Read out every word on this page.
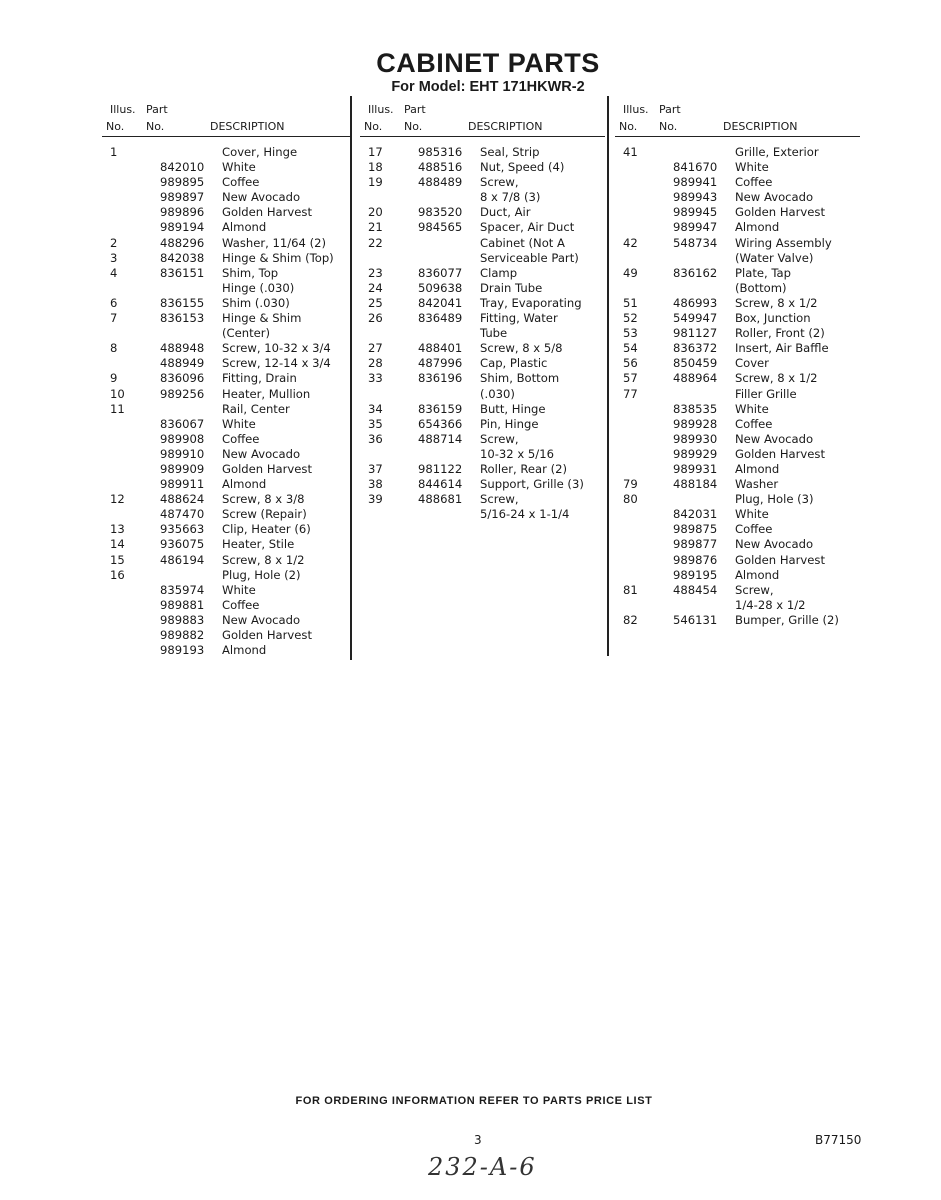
CABINET PARTS
For Model: EHT 171HKWR-2
Illus. Part
No. No.	DESCRIPTION
1	Cover, Hinge
842010 White
989895 Coffee
989897 New Avocado
989896 Golden Harvest
989194 Almond
2	488296 Washer, 11/64 (2)
3	842038 Hinge & Shim (Top)
4	836151 Shim, Top
Hinge (.030)
6	836155 Shim (.030)
7	836153 Hinge & Shim
(Center)
8	488948 Screw, 10-32 x 3/4
488949 Screw, 12-14 x 3/4
9	836096 Fitting, Drain
10	989256 Heater, Mullion
11	Rail, Center
836067 White
989908 Coffee
989910 New Avocado
989909 Golden Harvest
989911 Almond
12	488624 Screw, 8 x 3/8
487470 Screw (Repair)
13	935663 Clip, Heater (6)
14	936075 Heater, Stile
15	486194 Screw, 8 x 1/2
16	Plug, Hole (2)
835974 White
989881 Coffee
989883 New Avocado
989882 Golden Harvest
989193 Almond
Illus. Part
No. No.	DESCRIPTION
17	985316 Seal, Strip
18	488516 Nut, Speed (4)
19	488489 Screw,
8 x 7/8 (3)
20	983520 Duct, Air
21	984565 Spacer, Air Duct
22	Cabinet (Not A
Serviceable Part)
23	836077 Clamp
24	509638 Drain Tube
25	842041 Tray, Evaporating
26	836489 Fitting, Water
Tube
27	488401 Screw, 8 x 5/8
28	487996 Cap, Plastic
33	836196 Shim, Bottom
(.030)
34	836159 Butt, Hinge
35	654366 Pin, Hinge
36	488714 Screw,
10-32 x 5/16
37	981122 Roller, Rear (2)
38	844614 Support, Grille (3)
39	488681 Screw,
5/16-24 x 1-1/4
Illus. Part
No. No.	DESCRIPTION
41	Grille, Exterior
841670 White
989941 Coffee
989943 New Avocado
989945 Golden Harvest
989947 Almond
42	548734 Wiring Assembly
(Water Valve)
49	836162 Plate, Tap
(Bottom)
51	486993 Screw, 8 x 1/2
52	549947 Box, Junction
53	981127 Roller, Front (2)
54	836372 Insert, Air Baffle
56	850459 Cover
57	488964 Screw, 8 x 1/2
77	Filler Grille
838535 White
989928 Coffee
989930 New Avocado
989929 Golden Harvest
989931 Almond
79	488184 Washer
80	Plug, Hole (3)
842031 White
989875 Coffee
989877 New Avocado
989876 Golden Harvest
989195 Almond
81	488454 Screw,
1/4-28 x 1/2
82	546131 Bumper, Grille (2)
FOR ORDERING INFORMATION REFER TO PARTS PRICE LIST
3	B77150
232-A-6
